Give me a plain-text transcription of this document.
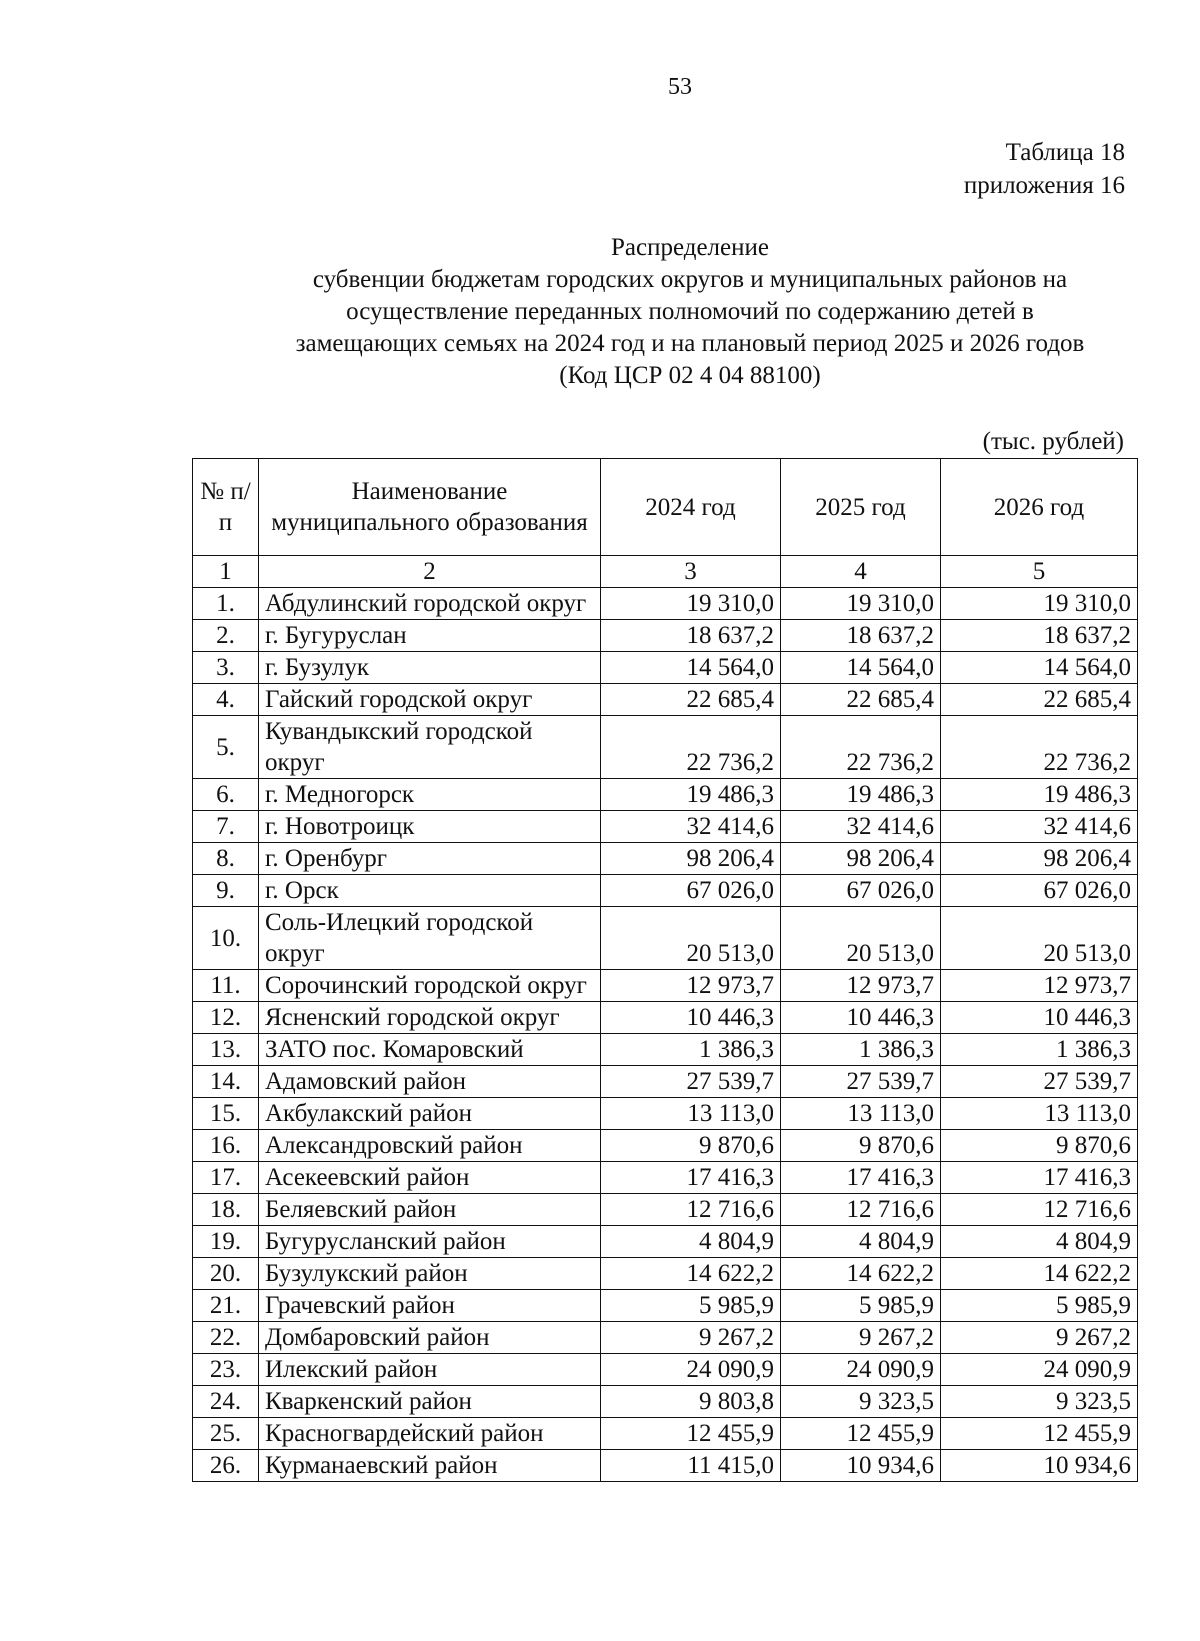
53
Таблица 18
приложения 16
Распределение
субвенции бюджетам городских округов и муниципальных районов на
осуществление переданных полномочий по содержанию детей в
замещающих семьях на 2024 год и на плановый период 2025 и 2026 годов
(Код ЦСР 02 4 04 88100)
(тыс. рублей)
№ п/п	Наименование муниципального образования	2024 год	2025 год	2026 год
1	2	3	4	5
1.	Абдулинский городской округ	19 310,0	19 310,0	19 310,0
2.	г. Бугуруслан	18 637,2	18 637,2	18 637,2
3.	г. Бузулук	14 564,0	14 564,0	14 564,0
4.	Гайский городской округ	22 685,4	22 685,4	22 685,4
5.	Кувандыкский городской округ	22 736,2	22 736,2	22 736,2
6.	г. Медногорск	19 486,3	19 486,3	19 486,3
7.	г. Новотроицк	32 414,6	32 414,6	32 414,6
8.	г. Оренбург	98 206,4	98 206,4	98 206,4
9.	г. Орск	67 026,0	67 026,0	67 026,0
10.	Соль-Илецкий городской округ	20 513,0	20 513,0	20 513,0
11.	Сорочинский городской округ	12 973,7	12 973,7	12 973,7
12.	Ясненский городской округ	10 446,3	10 446,3	10 446,3
13.	ЗАТО пос. Комаровский	1 386,3	1 386,3	1 386,3
14.	Адамовский район	27 539,7	27 539,7	27 539,7
15.	Акбулакский район	13 113,0	13 113,0	13 113,0
16.	Александровский район	9 870,6	9 870,6	9 870,6
17.	Асекеевский район	17 416,3	17 416,3	17 416,3
18.	Беляевский район	12 716,6	12 716,6	12 716,6
19.	Бугурусланский район	4 804,9	4 804,9	4 804,9
20.	Бузулукский район	14 622,2	14 622,2	14 622,2
21.	Грачевский район	5 985,9	5 985,9	5 985,9
22.	Домбаровский район	9 267,2	9 267,2	9 267,2
23.	Илекский район	24 090,9	24 090,9	24 090,9
24.	Кваркенский район	9 803,8	9 323,5	9 323,5
25.	Красногвардейский район	12 455,9	12 455,9	12 455,9
26.	Курманаевский район	11 415,0	10 934,6	10 934,6
